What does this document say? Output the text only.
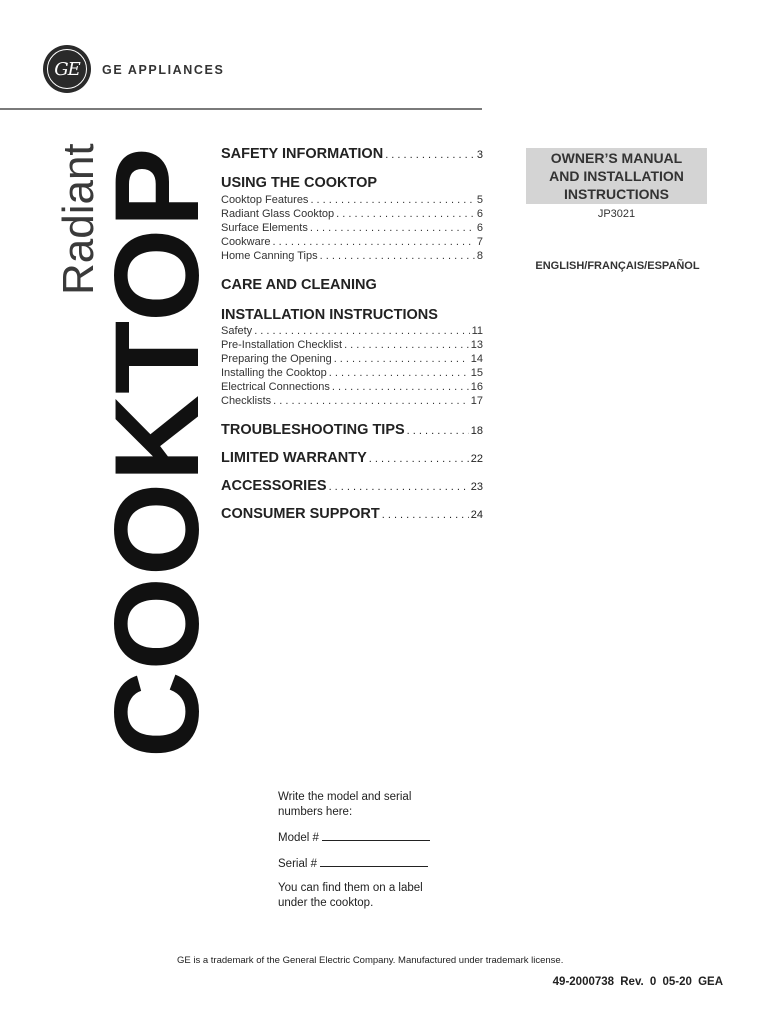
GE	GE APPLIANCES
Radiant
COOKTOP
SAFETY INFORMATION . . .	3
USING THE COOKTOP
Cooktop Features . . .	5
Radiant Glass Cooktop . . .	6
Surface Elements . . .	6
Cookware . . .	7
Home Canning Tips . . .	8
CARE AND CLEANING
INSTALLATION INSTRUCTIONS
Safety . . .	11
Pre-Installation Checklist . . .	13
Preparing the Opening . . .	14
Installing the Cooktop . . .	15
Electrical Connections . . .	16
Checklists . . .	17
TROUBLESHOOTING TIPS . . .	18
LIMITED WARRANTY . . .	22
ACCESSORIES . . .	23
CONSUMER SUPPORT . . .	24
OWNER’S MANUAL
AND INSTALLATION
INSTRUCTIONS
JP3021
ENGLISH/FRANÇAIS/ESPAÑOL
Write the model and serial
numbers here:
Model #
Serial #
You can find them on a label
under the cooktop.
GE is a trademark of the General Electric Company. Manufactured under trademark license.
49-2000738 Rev. 0 05-20 GEA
